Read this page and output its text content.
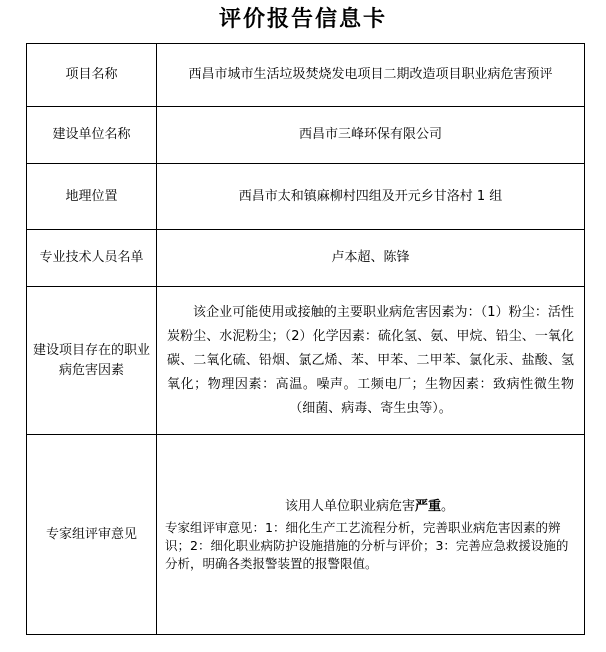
评价报告信息卡
项目名称	西昌市城市生活垃圾焚烧发电项目二期改造项目职业病危害预评
建设单位名称	西昌市三峰环保有限公司
地理位置	西昌市太和镇麻柳村四组及开元乡甘洛村 1 组
专业技术人员名单	卢本超、陈锋
建设项目存在的职业病危害因素	该企业可能使用或接触的主要职业病危害因素为：（1）粉尘：活性炭粉尘、水泥粉尘；（2）化学因素：硫化氢、氨、甲烷、铅尘、一氧化碳、二氧化硫、铅烟、氯乙烯、苯、甲苯、二甲苯、氯化汞、盐酸、氢氧化；物理因素：高温。噪声。工频电厂；生物因素：致病性微生物（细菌、病毒、寄生虫等）。

专家组评审意见	该用人单位职业病危害严重。
专家组评审意见：1：细化生产工艺流程分析，完善职业病危害因素的辨识；2：细化职业病防护设施措施的分析与评价；3：完善应急救援设施的分析，明确各类报警装置的报警限值。
